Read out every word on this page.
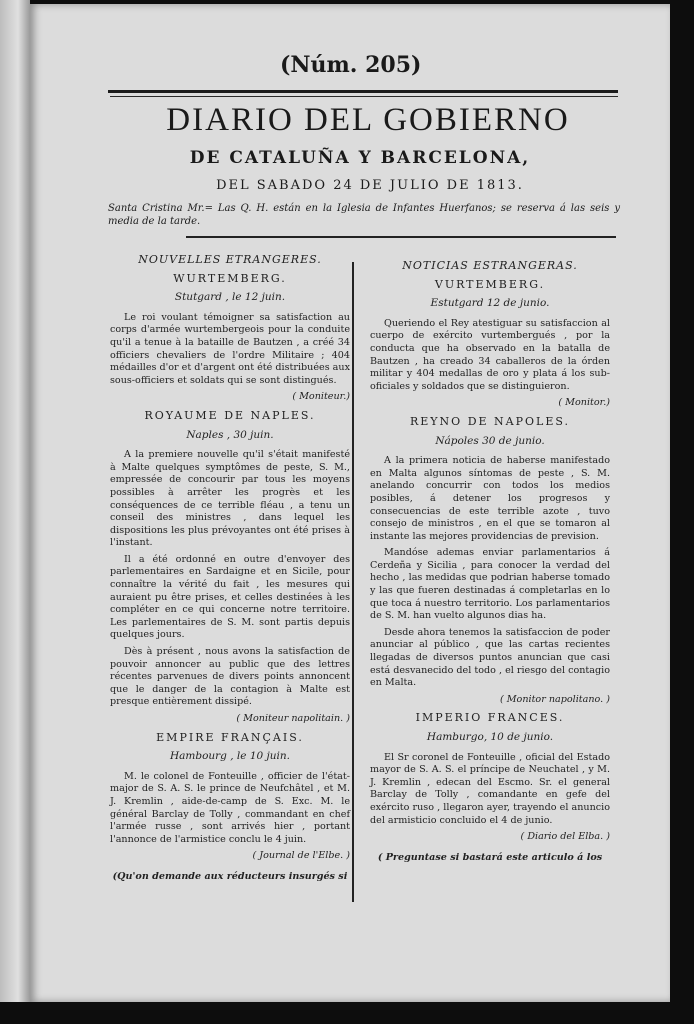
(Núm. 205)

DIARIO DEL GOBIERNO

DE CATALUÑA Y BARCELONA,

DEL SABADO 24 DE JULIO DE 1813.

Santa Cristina Mr.= Las Q. H. están en la Iglesia de Infantes Huerfanos; se reserva á las seis y media de la tarde.

NOUVELLES ETRANGERES.

WURTEMBERG.

Stutgard , le 12 juin.

Le roi voulant témoigner sa satisfaction au corps d'armée wurtembergeois pour la conduite qu'il a tenue à la bataille de Bautzen , a créé 34 officiers chevaliers de l'ordre Militaire ; 404 médailles d'or et d'argent ont été distribuées aux sous-officiers et soldats qui se sont distingués.

( Moniteur.)

ROYAUME DE NAPLES.

Naples , 30 juin.

A la premiere nouvelle qu'il s'était manifesté à Malte quelques symptômes de peste, S. M., empressée de concourir par tous les moyens possibles à arrêter les progrès et les conséquences de ce terrible fléau , a tenu un conseil des ministres , dans lequel les dispositions les plus prévoyantes ont été prises à l'instant.

Il a été ordonné en outre d'envoyer des parlementaires en Sardaigne et en Sicile, pour connaître la vérité du fait , les mesures qui auraient pu être prises, et celles destinées à les compléter en ce qui concerne notre territoire. Les parlementaires de S. M. sont partis depuis quelques jours.

Dès à présent , nous avons la satisfaction de pouvoir annoncer au public que des lettres récentes parvenues de divers points annoncent que le danger de la contagion à Malte est presque entièrement dissipé.

( Moniteur napolitain. )

EMPIRE FRANÇAIS.

Hambourg , le 10 juin.

M. le colonel de Fonteuille , officier de l'état-major de S. A. S. le prince de Neufchâtel , et M. J. Kremlin , aide-de-camp de S. Exc. M. le général Barclay de Tolly , commandant en chef l'armée russe , sont arrivés hier , portant l'annonce de l'armistice conclu le 4 juin.

( Journal de l'Elbe. )

(Qu'on demande aux réducteurs insurgés si

NOTICIAS ESTRANGERAS.

VURTEMBERG.

Estutgard 12 de junio.

Queriendo el Rey atestiguar su satisfaccion al cuerpo de exército vurtembergués , por la conducta que ha observado en la batalla de Bautzen , ha creado 34 caballeros de la órden militar y 404 medallas de oro y plata á los sub-oficiales y soldados que se distinguieron.

( Monitor.)

REYNO DE NAPOLES.

Nápoles 30 de junio.

A la primera noticia de haberse manifestado en Malta algunos síntomas de peste , S. M. anelando concurrir con todos los medios posibles, á detener los progresos y consecuencias de este terrible azote , tuvo consejo de ministros , en el que se tomaron al instante las mejores providencias de prevision.

Mandóse ademas enviar parlamentarios á Cerdeña y Sicilia , para conocer la verdad del hecho , las medidas que podrian haberse tomado y las que fueren destinadas á completarlas en lo que toca á nuestro territorio. Los parlamentarios de S. M. han vuelto algunos dias ha.

Desde ahora tenemos la satisfaccion de poder anunciar al público , que las cartas recientes llegadas de diversos puntos anuncian que casi está desvanecido del todo , el riesgo del contagio en Malta.

( Monitor napolitano. )

IMPERIO FRANCES.

Hamburgo, 10 de junio.

El Sr coronel de Fonteuille , oficial del Estado mayor de S. A. S. el príncipe de Neuchatel , y M. J. Kremlin , edecan del Escmo. Sr. el general Barclay de Tolly , comandante en gefe del exército ruso , llegaron ayer, trayendo el anuncio del armisticio concluido el 4 de junio.

( Diario del Elba. )

( Preguntase si bastará este articulo á los
